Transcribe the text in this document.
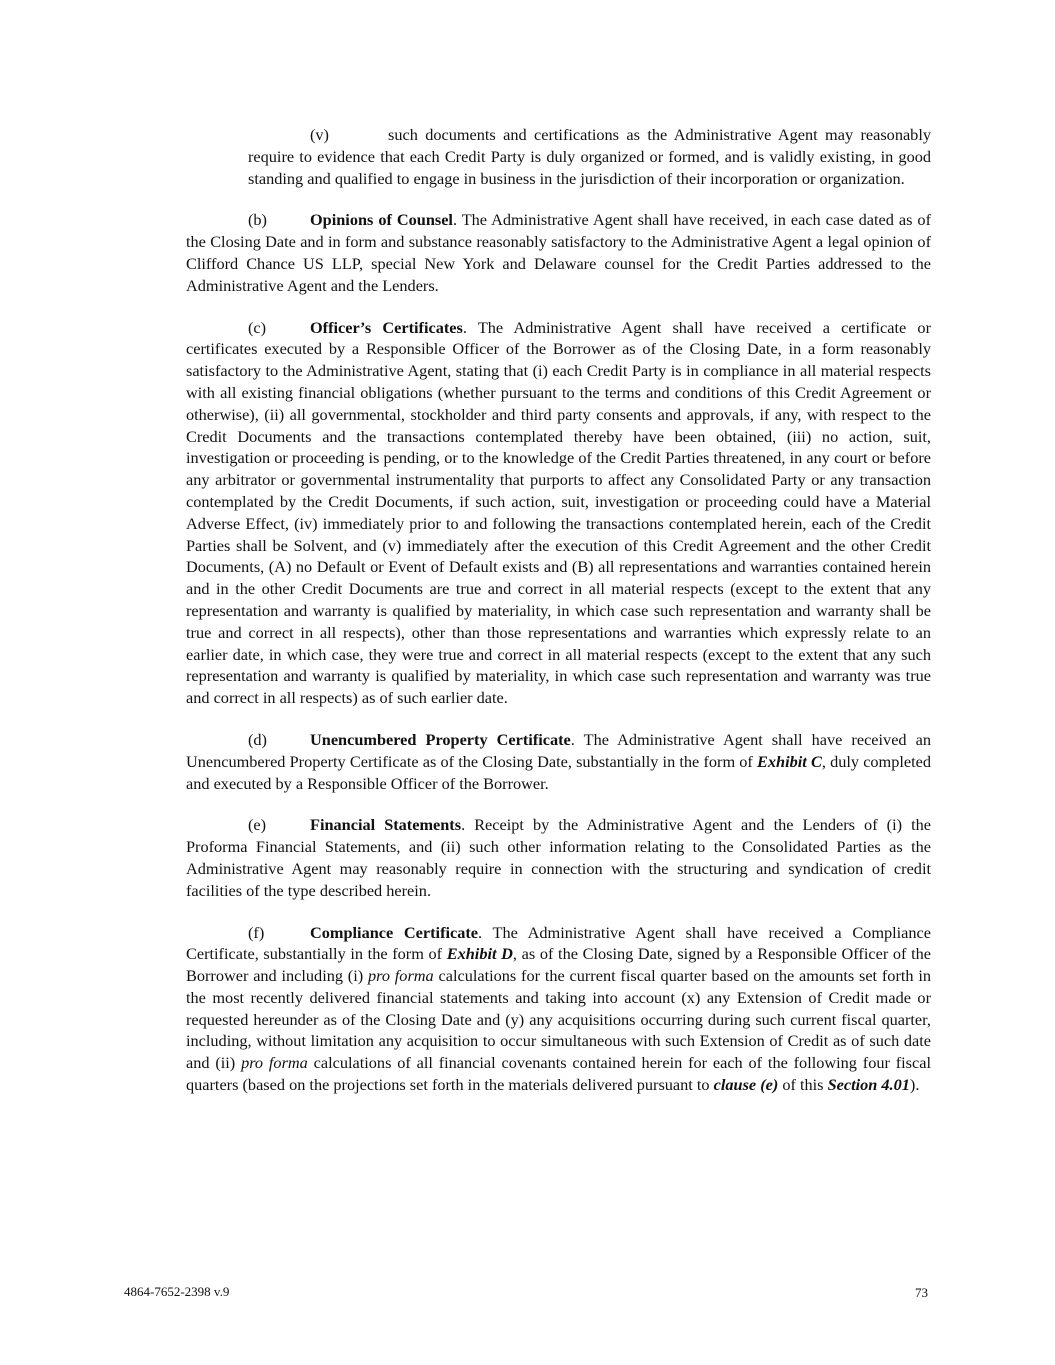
(v)	such documents and certifications as the Administrative Agent may reasonably require to evidence that each Credit Party is duly organized or formed, and is validly existing, in good standing and qualified to engage in business in the jurisdiction of their incorporation or organization.

(b)	Opinions of Counsel. The Administrative Agent shall have received, in each case dated as of the Closing Date and in form and substance reasonably satisfactory to the Administrative Agent a legal opinion of Clifford Chance US LLP, special New York and Delaware counsel for the Credit Parties addressed to the Administrative Agent and the Lenders.

(c)	Officer’s Certificates. The Administrative Agent shall have received a certificate or certificates executed by a Responsible Officer of the Borrower as of the Closing Date, in a form reasonably satisfactory to the Administrative Agent, stating that (i) each Credit Party is in compliance in all material respects with all existing financial obligations (whether pursuant to the terms and conditions of this Credit Agreement or otherwise), (ii) all governmental, stockholder and third party consents and approvals, if any, with respect to the Credit Documents and the transactions contemplated thereby have been obtained, (iii) no action, suit, investigation or proceeding is pending, or to the knowledge of the Credit Parties threatened, in any court or before any arbitrator or governmental instrumentality that purports to affect any Consolidated Party or any transaction contemplated by the Credit Documents, if such action, suit, investigation or proceeding could have a Material Adverse Effect, (iv) immediately prior to and following the transactions contemplated herein, each of the Credit Parties shall be Solvent, and (v) immediately after the execution of this Credit Agreement and the other Credit Documents, (A) no Default or Event of Default exists and (B) all representations and warranties contained herein and in the other Credit Documents are true and correct in all material respects (except to the extent that any representation and warranty is qualified by materiality, in which case such representation and warranty shall be true and correct in all respects), other than those representations and warranties which expressly relate to an earlier date, in which case, they were true and correct in all material respects (except to the extent that any such representation and warranty is qualified by materiality, in which case such representation and warranty was true and correct in all respects) as of such earlier date.

(d)	Unencumbered Property Certificate. The Administrative Agent shall have received an Unencumbered Property Certificate as of the Closing Date, substantially in the form of Exhibit C, duly completed and executed by a Responsible Officer of the Borrower.

(e)	Financial Statements. Receipt by the Administrative Agent and the Lenders of (i) the Proforma Financial Statements, and (ii) such other information relating to the Consolidated Parties as the Administrative Agent may reasonably require in connection with the structuring and syndication of credit facilities of the type described herein.

(f)	Compliance Certificate. The Administrative Agent shall have received a Compliance Certificate, substantially in the form of Exhibit D, as of the Closing Date, signed by a Responsible Officer of the Borrower and including (i) pro forma calculations for the current fiscal quarter based on the amounts set forth in the most recently delivered financial statements and taking into account (x) any Extension of Credit made or requested hereunder as of the Closing Date and (y) any acquisitions occurring during such current fiscal quarter, including, without limitation any acquisition to occur simultaneous with such Extension of Credit as of such date and (ii) pro forma calculations of all financial covenants contained herein for each of the following four fiscal quarters (based on the projections set forth in the materials delivered pursuant to clause (e) of this Section 4.01).

4864-7652-2398 v.9	73
